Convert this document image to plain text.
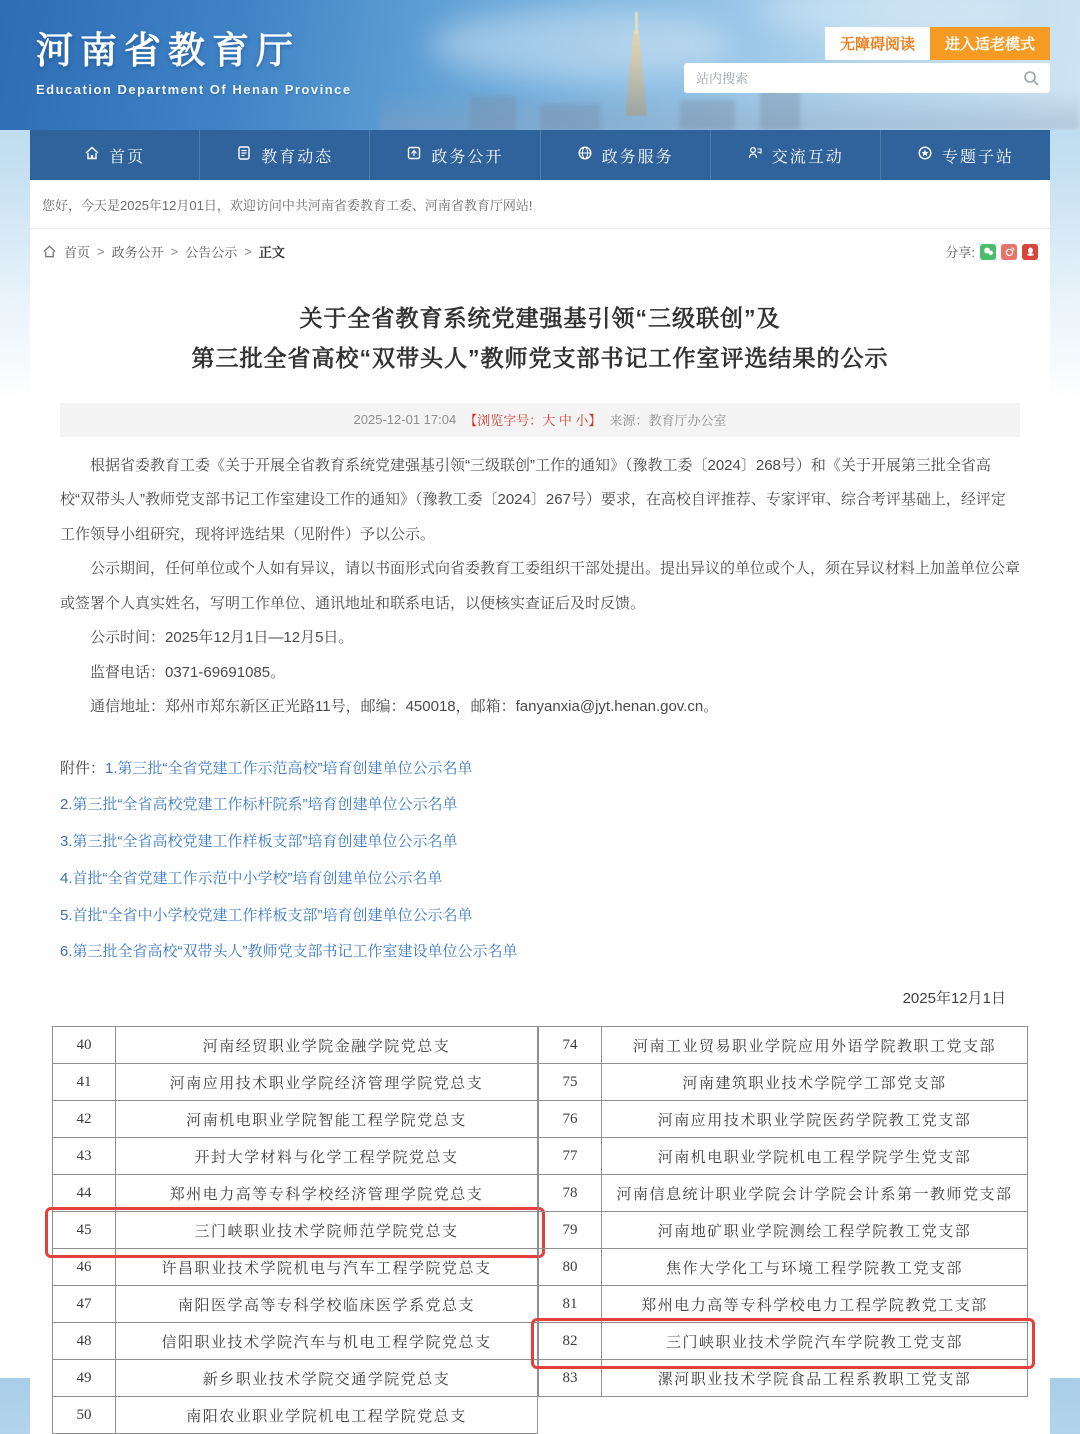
河南省教育厅
Education Department Of Henan Province
无障碍阅读	进入适老模式
站内搜索
首页	教育动态	政务公开	政务服务	交流互动	专题子站
您好，今天是2025年12月01日，欢迎访问中共河南省委教育工委、河南省教育厅网站!
首页 > 政务公开 > 公告公示 > 正文	分享:
关于全省教育系统党建强基引领“三级联创”及
第三批全省高校“双带头人”教师党支部书记工作室评选结果的公示
2025-12-01 17:04 【浏览字号：大 中 小】 来源：教育厅办公室

根据省委教育工委《关于开展全省教育系统党建强基引领“三级联创”工作的通知》（豫教工委〔2024〕268号）和《关于开展第三批全省高校“双带头人”教师党支部书记工作室建设工作的通知》（豫教工委〔2024〕267号）要求，在高校自评推荐、专家评审、综合考评基础上，经评定工作领导小组研究，现将评选结果（见附件）予以公示。

公示期间，任何单位或个人如有异议，请以书面形式向省委教育工委组织干部处提出。提出异议的单位或个人，须在异议材料上加盖单位公章或签署个人真实姓名，写明工作单位、通讯地址和联系电话，以便核实查证后及时反馈。

公示时间：2025年12月1日—12月5日。

监督电话：0371-69691085。

通信地址：郑州市郑东新区正光路11号，邮编：450018，邮箱：fanyanxia@jyt.henan.gov.cn。

附件：1.第三批“全省党建工作示范高校”培育创建单位公示名单
2.第三批“全省高校党建工作标杆院系”培育创建单位公示名单
3.第三批“全省高校党建工作样板支部”培育创建单位公示名单
4.首批“全省党建工作示范中小学校”培育创建单位公示名单
5.首批“全省中小学校党建工作样板支部”培育创建单位公示名单
6.第三批全省高校“双带头人”教师党支部书记工作室建设单位公示名单
2025年12月1日
40	河南经贸职业学院金融学院党总支
41	河南应用技术职业学院经济管理学院党总支
42	河南机电职业学院智能工程学院党总支
43	开封大学材料与化学工程学院党总支
44	郑州电力高等专科学校经济管理学院党总支
45	三门峡职业技术学院师范学院党总支
46	许昌职业技术学院机电与汽车工程学院党总支
47	南阳医学高等专科学校临床医学系党总支
48	信阳职业技术学院汽车与机电工程学院党总支
49	新乡职业技术学院交通学院党总支
50	南阳农业职业学院机电工程学院党总支
74	河南工业贸易职业学院应用外语学院教职工党支部
75	河南建筑职业技术学院学工部党支部
76	河南应用技术职业学院医药学院教工党支部
77	河南机电职业学院机电工程学院学生党支部
78	河南信息统计职业学院会计学院会计系第一教师党支部
79	河南地矿职业学院测绘工程学院教工党支部
80	焦作大学化工与环境工程学院教工党支部
81	郑州电力高等专科学校电力工程学院教党工支部
82	三门峡职业技术学院汽车学院教工党支部
83	漯河职业技术学院食品工程系教职工党支部
